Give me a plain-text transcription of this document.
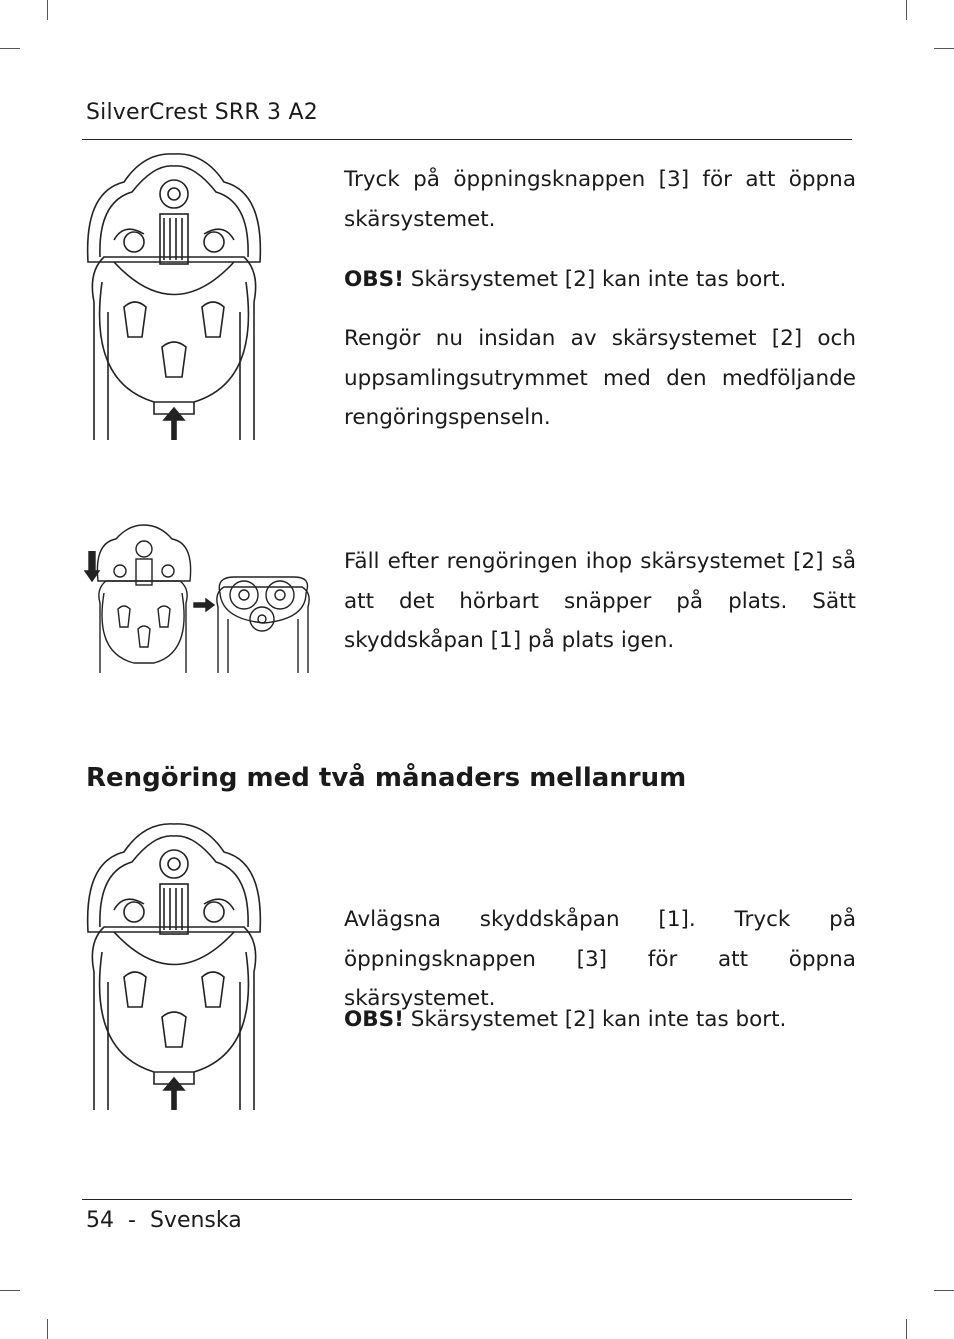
SilverCrest SRR 3 A2

Tryck på öppningsknappen [3] för att öppna skärsystemet.

OBS! Skärsystemet [2] kan inte tas bort.

Rengör nu insidan av skärsystemet [2] och uppsamlingsutrymmet med den medföljande rengöringspenseln.

Fäll efter rengöringen ihop skärsystemet [2] så att det hörbart snäpper på plats. Sätt skyddskåpan [1] på plats igen.

Rengöring med två månaders mellanrum

Avlägsna skyddskåpan [1]. Tryck på öppningsknappen [3] för att öppna skärsystemet.

OBS! Skärsystemet [2] kan inte tas bort.

54 - Svenska
